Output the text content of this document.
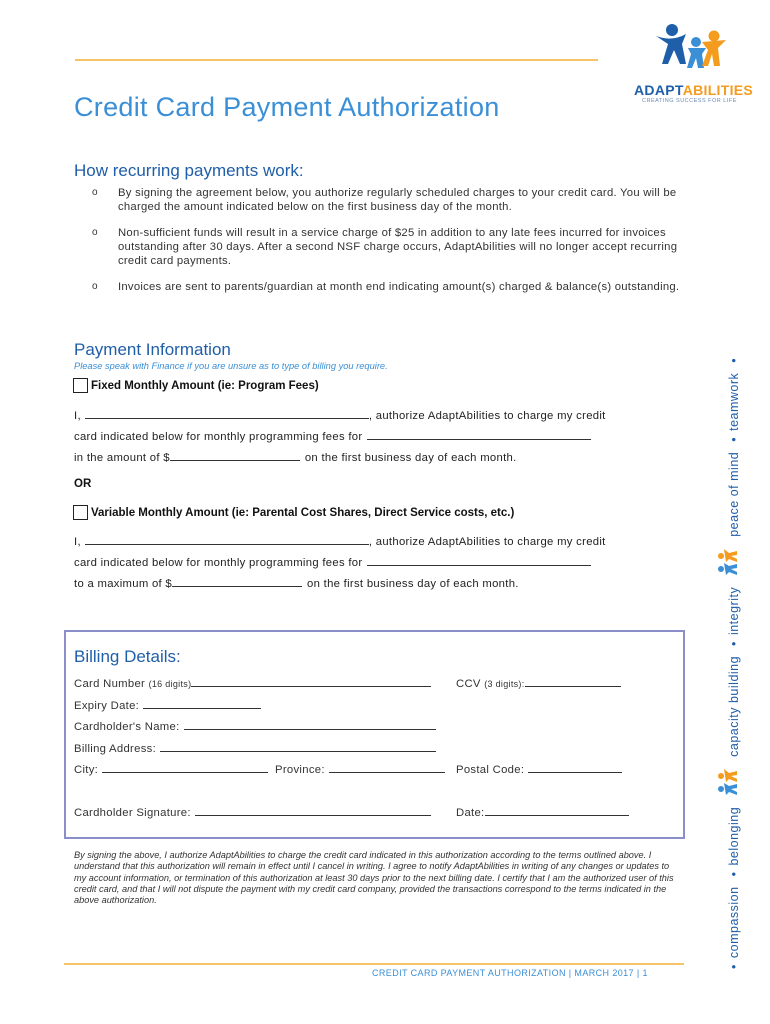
ADAPTABILITIES
CREATING SUCCESS FOR LIFE
Credit Card Payment Authorization
How recurring payments work:
o By signing the agreement below, you authorize regularly scheduled charges to your credit card. You will be charged the amount indicated below on the first business day of the month.
o Non-sufficient funds will result in a service charge of $25 in addition to any late fees incurred for invoices outstanding after 30 days. After a second NSF charge occurs, AdaptAbilities will no longer accept recurring credit card payments.
o Invoices are sent to parents/guardian at month end indicating amount(s) charged & balance(s) outstanding.
Payment Information
Please speak with Finance if you are unsure as to type of billing you require.
Fixed Monthly Amount (ie: Program Fees)
I,	, authorize AdaptAbilities to charge my credit
card indicated below for monthly programming fees for
in the amount of $	on the first business day of each month.
OR
Variable Monthly Amount (ie: Parental Cost Shares, Direct Service costs, etc.)
I,	, authorize AdaptAbilities to charge my credit
card indicated below for monthly programming fees for
to a maximum of $	on the first business day of each month.
Billing Details:
Card Number (16 digits)	CCV (3 digits):
Expiry Date:
Cardholder's Name:
Billing Address:
City:	Province:	Postal Code:
Cardholder Signature:	Date:
By signing the above, I authorize AdaptAbilities to charge the credit card indicated in this authorization according to the terms outlined above. I understand that this authorization will remain in effect until I cancel in writing. I agree to notify AdaptAbilities in writing of any changes or updates to my account information, or termination of this authorization at least 30 days prior to the next billing date. I certify that I am the authorized user of this credit card, and that I will not dispute the payment with my credit card company, provided the transactions correspond to the terms indicated in the above authorization.
CREDIT CARD PAYMENT AUTHORIZATION | MARCH 2017 | 1
•compassion •belonging  capacity building •integrity  peace of mind •teamwork •
